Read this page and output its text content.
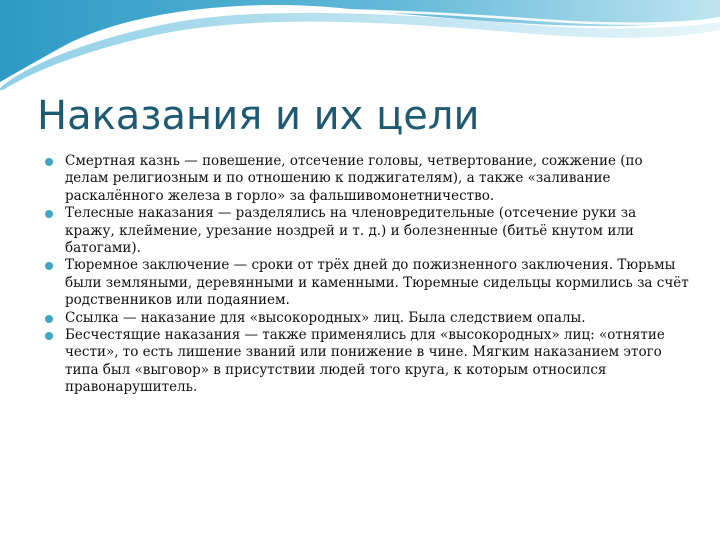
Наказания и их цели
Смертная казнь — повешение, отсечение головы, четвертование, сожжение (по делам религиозным и по отношению к поджигателям), а также «заливание раскалённого железа в горло» за фальшивомонетничество.
Телесные наказания — разделялись на членовредительные (отсечение руки за кражу, клеймение, урезание ноздрей и т. д.) и болезненные (битьё кнутом или батогами).
Тюремное заключение — сроки от трёх дней до пожизненного заключения. Тюрьмы были земляными, деревянными и каменными. Тюремные сидельцы кормились за счёт родственников или подаянием.
Ссылка — наказание для «высокородных» лиц. Была следствием опалы.
Бесчестящие наказания — также применялись для «высокородных» лиц: «отнятие чести», то есть лишение званий или понижение в чине. Мягким наказанием этого типа был «выговор» в присутствии людей того круга, к которым относился правонарушитель.
